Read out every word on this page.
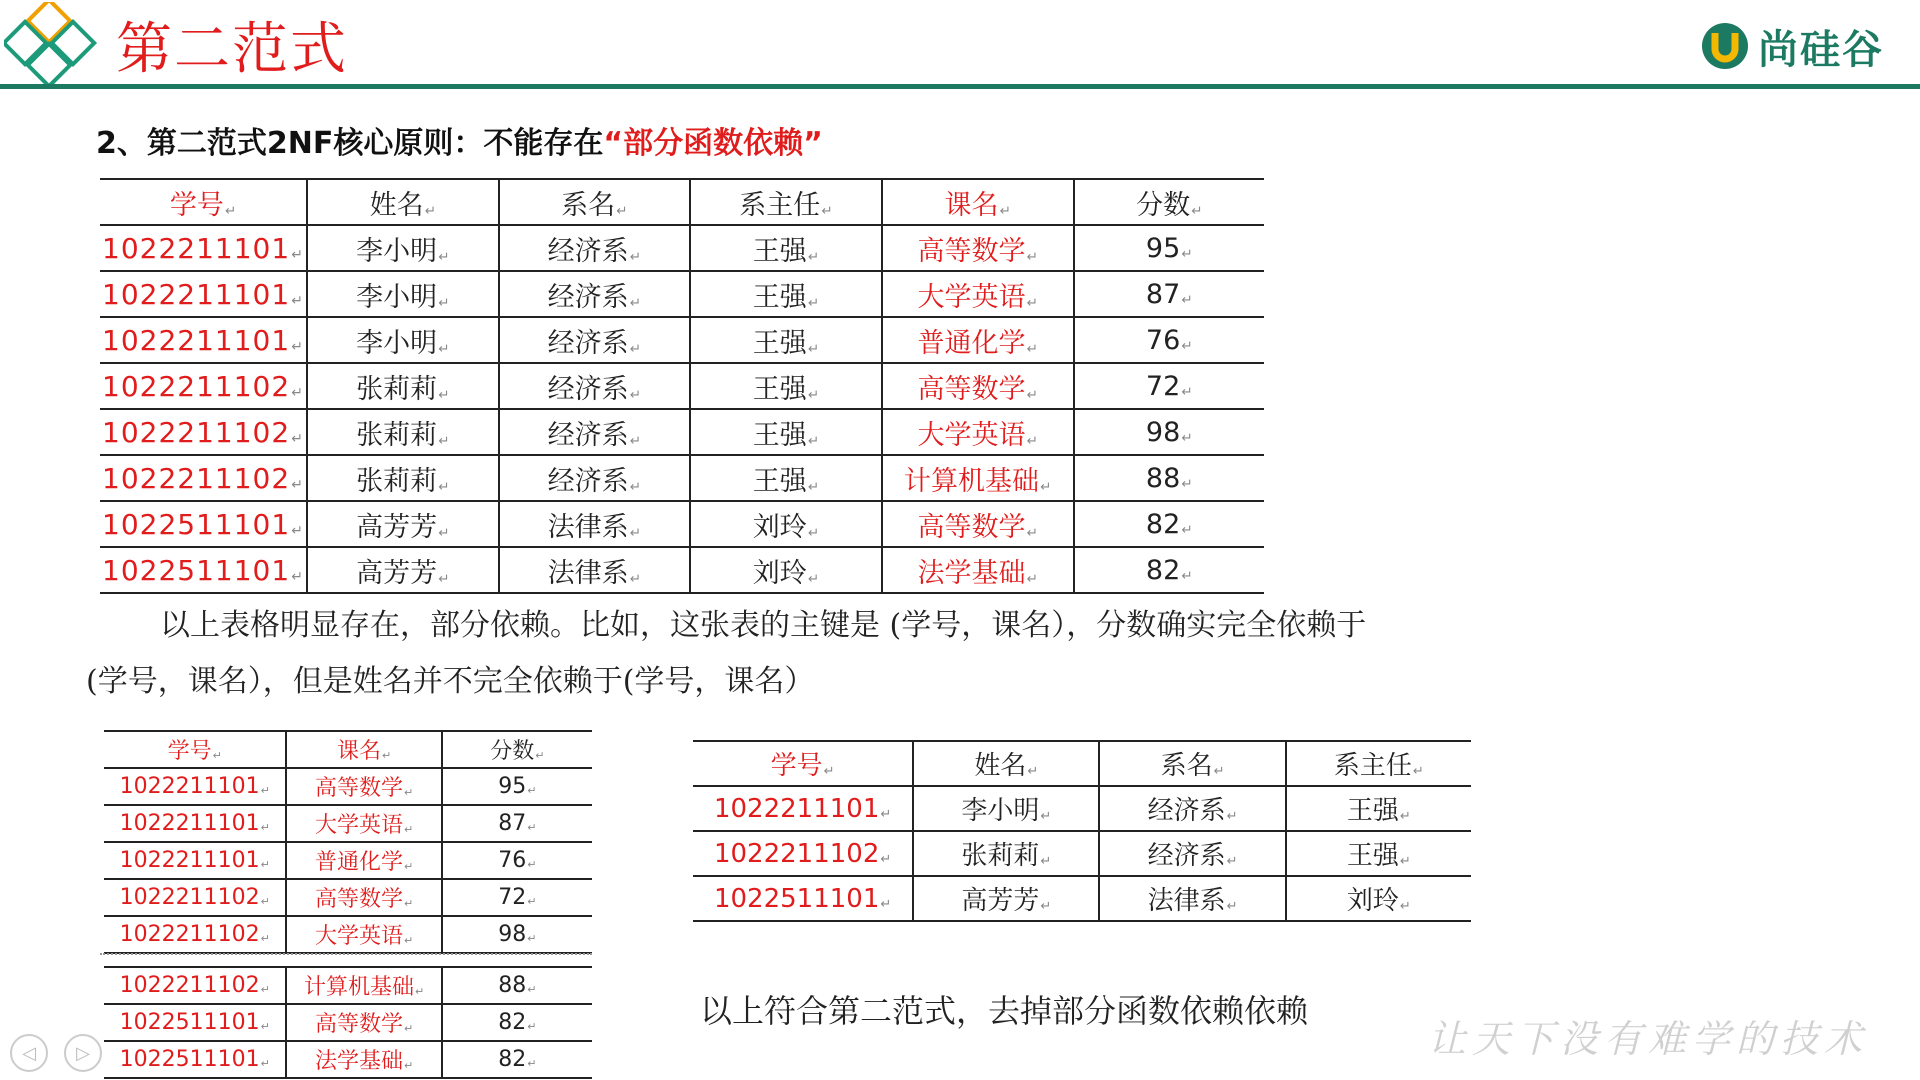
第二范式	尚硅谷
2、第二范式2NF核心原则：不能存在“部分函数依赖”
学号 ↵	姓名 ↵	系名 ↵	系主任 ↵	课名 ↵	分数 ↵
1022211101 ↵	李小明 ↵	经济系 ↵	王强 ↵	高等数学 ↵	95 ↵
1022211101 ↵	李小明 ↵	经济系 ↵	王强 ↵	大学英语 ↵	87 ↵
1022211101 ↵	李小明 ↵	经济系 ↵	王强 ↵	普通化学 ↵	76 ↵
1022211102 ↵	张莉莉 ↵	经济系 ↵	王强 ↵	高等数学 ↵	72 ↵
1022211102 ↵	张莉莉 ↵	经济系 ↵	王强 ↵	大学英语 ↵	98 ↵
1022211102 ↵	张莉莉 ↵	经济系 ↵	王强 ↵	计算机基础 ↵	88 ↵
1022511101 ↵	高芳芳 ↵	法律系 ↵	刘玲 ↵	高等数学 ↵	82 ↵
1022511101 ↵	高芳芳 ↵	法律系 ↵	刘玲 ↵	法学基础 ↵	82 ↵
以上表格明显存在，部分依赖。比如，这张表的主键是 (学号，课名），分数确实完全依赖于
(学号，课名），但是姓名并不完全依赖于(学号，课名）
学号 ↵	课名 ↵	分数 ↵
1022211101 ↵	高等数学 ↵	95 ↵
1022211101 ↵	大学英语 ↵	87 ↵
1022211101 ↵	普通化学 ↵	76 ↵
1022211102 ↵	高等数学 ↵	72 ↵
1022211102 ↵	大学英语 ↵	98 ↵
1022211102 ↵	计算机基础 ↵	88 ↵
1022511101 ↵	高等数学 ↵	82 ↵
1022511101 ↵	法学基础 ↵	82 ↵
学号 ↵	姓名 ↵	系名 ↵	系主任 ↵
1022211101 ↵	李小明 ↵	经济系 ↵	王强 ↵
1022211102 ↵	张莉莉 ↵	经济系 ↵	王强 ↵
1022511101 ↵	高芳芳 ↵	法律系 ↵	刘玲 ↵
以上符合第二范式，去掉部分函数依赖依赖
让天下没有难学的技术
◁ ▷
